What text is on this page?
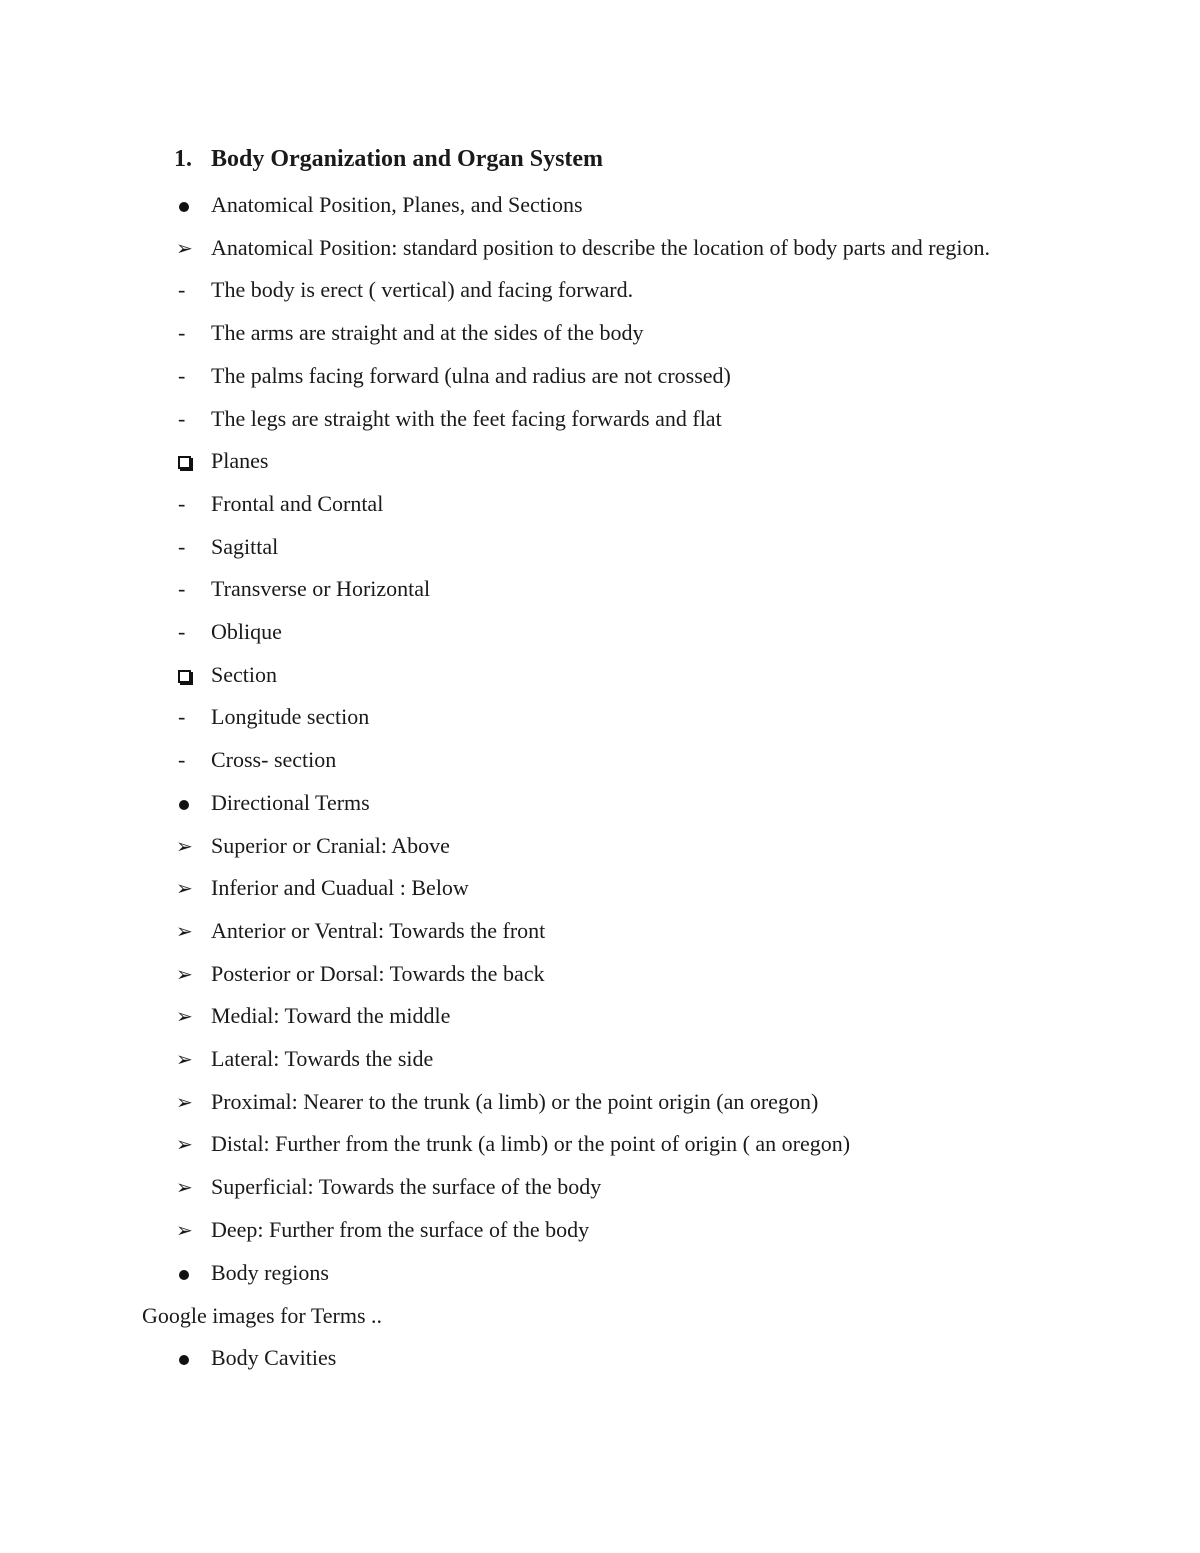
1. Body Organization and Organ System
Anatomical Position, Planes, and Sections
➢ Anatomical Position: standard position to describe the location of body parts and region.
-	The body is erect ( vertical) and facing forward.
-	The arms are straight and at the sides of the body
-	The palms facing forward (ulna and radius are not crossed)
-	The legs are straight with the feet facing forwards and flat
Planes
-	Frontal and Corntal
-	Sagittal
-	Transverse or Horizontal
-	Oblique
Section
-	Longitude section
-	Cross- section
Directional Terms
➢ Superior or Cranial: Above
➢ Inferior and Cuadual : Below
➢ Anterior or Ventral: Towards the front
➢ Posterior or Dorsal: Towards the back
➢ Medial: Toward the middle
➢ Lateral: Towards the side
➢ Proximal: Nearer to the trunk (a limb) or the point origin (an oregon)
➢ Distal: Further from the trunk (a limb) or the point of origin ( an oregon)
➢ Superficial: Towards the surface of the body
➢ Deep: Further from the surface of the body
Body regions
Google images for Terms ..
Body Cavities
